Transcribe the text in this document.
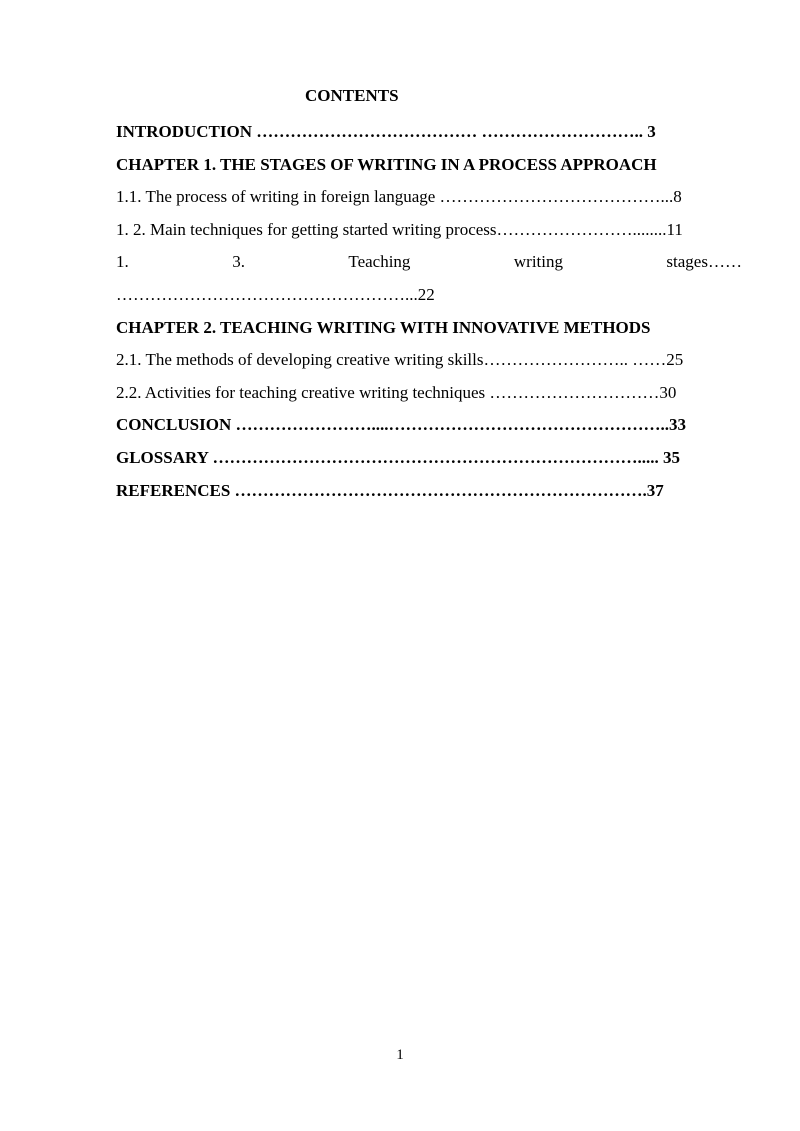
CONTENTS
INTRODUCTION ………………………………… ……………………….. 3
CHAPTER 1. THE STAGES OF WRITING IN A PROCESS APPROACH
1.1. The process of writing in foreign language …………………………………...8
1. 2. Main techniques for getting started writing process……………………........11
1.	3.	Teaching	writing	stages……
……………………………………………...22
CHAPTER 2. TEACHING WRITING WITH INNOVATIVE METHODS
2.1. The methods of developing creative writing skills…………………….. ……25
2.2. Activities for teaching creative writing techniques …………………………30
CONCLUSION ……………………....…………………………………………..33
GLOSSARY …………………………………………………………………..... 35
REFERENCES ……………………………………………………………….37
1
